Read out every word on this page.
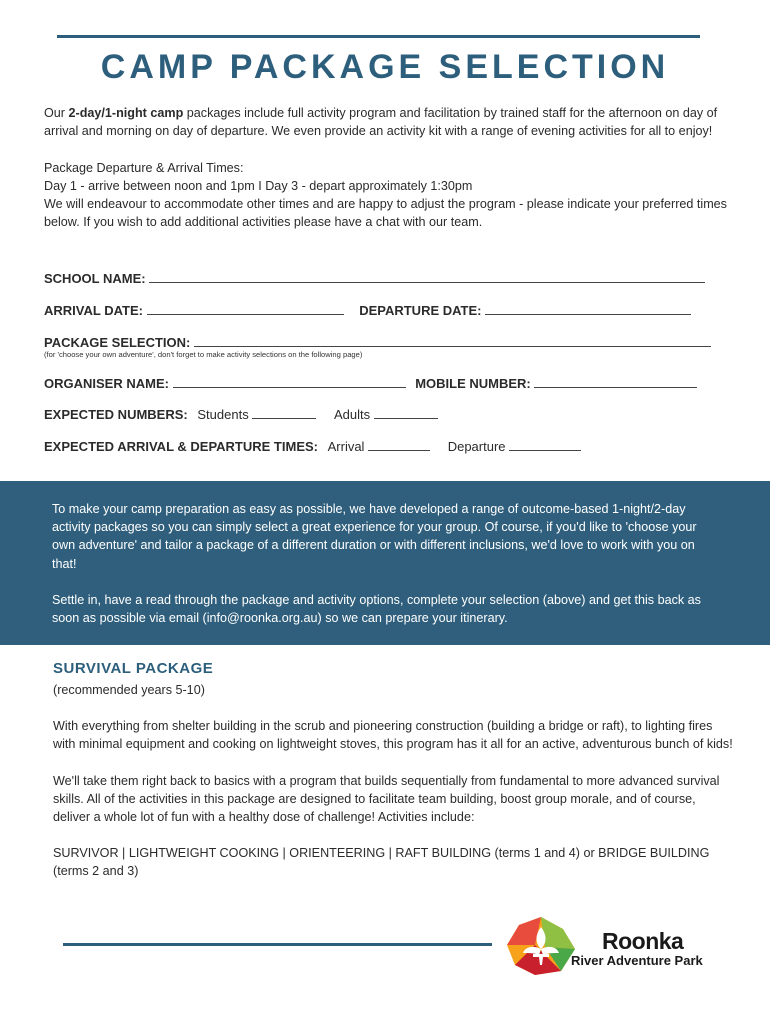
CAMP PACKAGE SELECTION

Our 2-day/1-night camp packages include full activity program and facilitation by trained staff for the afternoon on day of arrival and morning on day of departure. We even provide an activity kit with a range of evening activities for all to enjoy!

Package Departure & Arrival Times:

Day 1 - arrive between noon and 1pm I Day 3 - depart approximately 1:30pm

We will endeavour to accommodate other times and are happy to adjust the program - please indicate your preferred times below. If you wish to add additional activities please have a chat with our team.

SCHOOL NAME:
ARRIVAL DATE:	DEPARTURE DATE:
PACKAGE SELECTION:
(for 'choose your own adventure', don't forget to make activity selections on the following page)
ORGANISER NAME:	MOBILE NUMBER:
EXPECTED NUMBERS: Students	Adults
EXPECTED ARRIVAL & DEPARTURE TIMES: Arrival	Departure

To make your camp preparation as easy as possible, we have developed a range of outcome-based 1-night/2-day activity packages so you can simply select a great experience for your group. Of course, if you'd like to 'choose your own adventure' and tailor a package of a different duration or with different inclusions, we'd love to work with you on that!

Settle in, have a read through the package and activity options, complete your selection (above) and get this back as soon as possible via email (info@roonka.org.au) so we can prepare your itinerary.

SURVIVAL PACKAGE

(recommended years 5-10)

With everything from shelter building in the scrub and pioneering construction (building a bridge or raft), to lighting fires with minimal equipment and cooking on lightweight stoves, this program has it all for an active, adventurous bunch of kids!

We'll take them right back to basics with a program that builds sequentially from fundamental to more advanced survival skills. All of the activities in this package are designed to facilitate team building, boost group morale, and of course, deliver a whole lot of fun with a healthy dose of challenge! Activities include:

SURVIVOR | LIGHTWEIGHT COOKING | ORIENTEERING | RAFT BUILDING (terms 1 and 4) or BRIDGE BUILDING (terms 2 and 3)

Roonka
River Adventure Park
